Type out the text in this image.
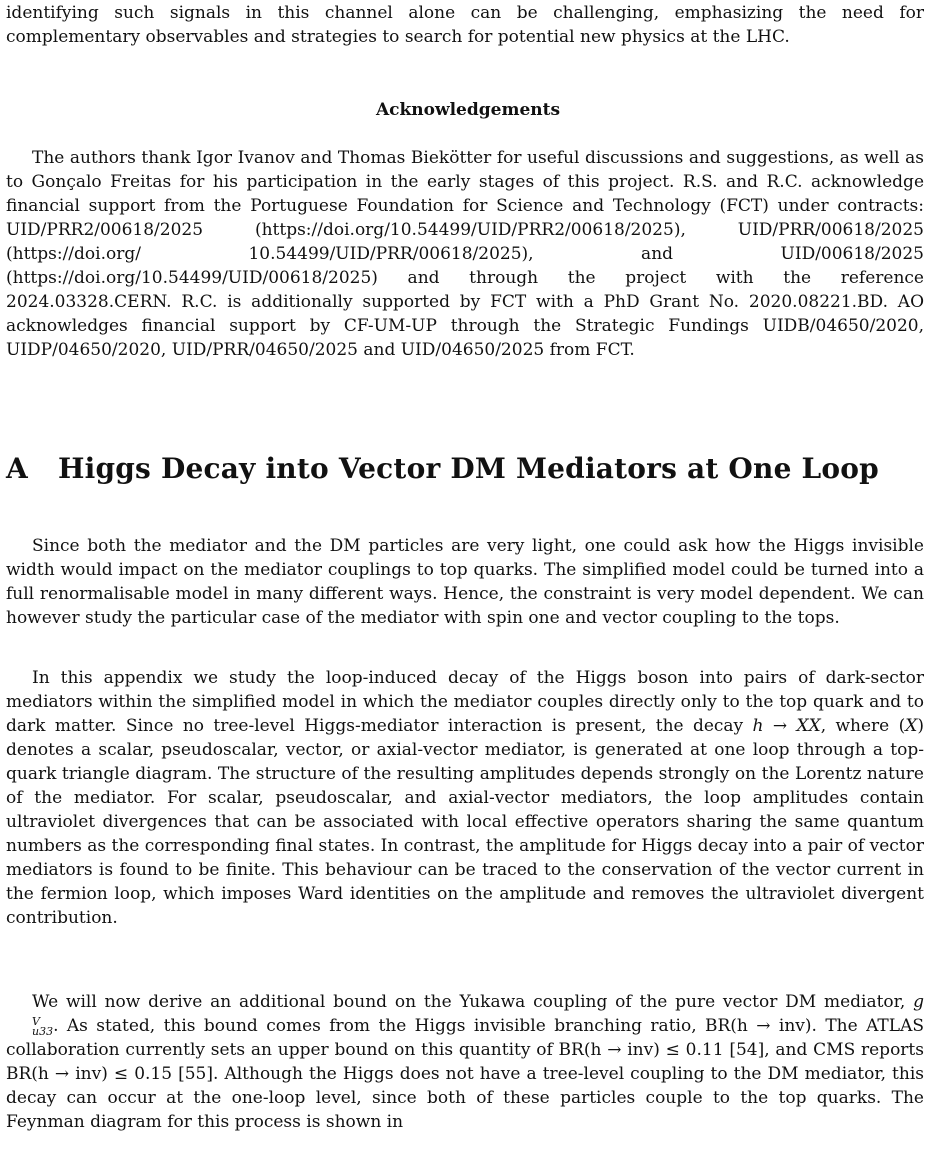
identifying such signals in this channel alone can be challenging, emphasizing the need for complementary observables and strategies to search for potential new physics at the LHC.

Acknowledgements

The authors thank Igor Ivanov and Thomas Biekötter for useful discussions and suggestions, as well as to Gonçalo Freitas for his participation in the early stages of this project. R.S. and R.C. acknowledge financial support from the Portuguese Foundation for Science and Technology (FCT) under contracts: UID/PRR2/00618/2025 (https://doi.org/10.54499/UID/PRR2/00618/2025), UID/PRR/00618/2025 (https://doi.org/ 10.54499/UID/PRR/00618/2025), and UID/00618/2025 (https://doi.org/10.54499/UID/00618/2025) and through the project with the reference 2024.03328.CERN. R.C. is additionally supported by FCT with a PhD Grant No. 2020.08221.BD. AO acknowledges financial support by CF-UM-UP through the Strategic Fundings UIDB/04650/2020, UIDP/04650/2020, UID/PRR/04650/2025 and UID/04650/2025 from FCT.

A Higgs Decay into Vector DM Mediators at One Loop

Since both the mediator and the DM particles are very light, one could ask how the Higgs invisible width would impact on the mediator couplings to top quarks. The simplified model could be turned into a full renormalisable model in many different ways. Hence, the constraint is very model dependent. We can however study the particular case of the mediator with spin one and vector coupling to the tops.

In this appendix we study the loop-induced decay of the Higgs boson into pairs of dark-sector mediators within the simplified model in which the mediator couples directly only to the top quark and to dark matter. Since no tree-level Higgs-mediator interaction is present, the decay h → XX, where (X) denotes a scalar, pseudoscalar, vector, or axial-vector mediator, is generated at one loop through a top-quark triangle diagram. The structure of the resulting amplitudes depends strongly on the Lorentz nature of the mediator. For scalar, pseudoscalar, and axial-vector mediators, the loop amplitudes contain ultraviolet divergences that can be associated with local effective operators sharing the same quantum numbers as the corresponding final states. In contrast, the amplitude for Higgs decay into a pair of vector mediators is found to be finite. This behaviour can be traced to the conservation of the vector current in the fermion loop, which imposes Ward identities on the amplitude and removes the ultraviolet divergent contribution.

We will now derive an additional bound on the Yukawa coupling of the pure vector DM mediator, g
V
u33 . As stated, this bound comes from the Higgs invisible branching ratio, BR(h → inv). The ATLAS collaboration currently sets an upper bound on this quantity of BR(h → inv) ≤ 0.11 [54], and CMS reports BR(h → inv) ≤ 0.15 [55]. Although the Higgs does not have a tree-level coupling to the DM mediator, this decay can occur at the one-loop level, since both of these particles couple to the top quarks. The Feynman diagram for this process is shown in
